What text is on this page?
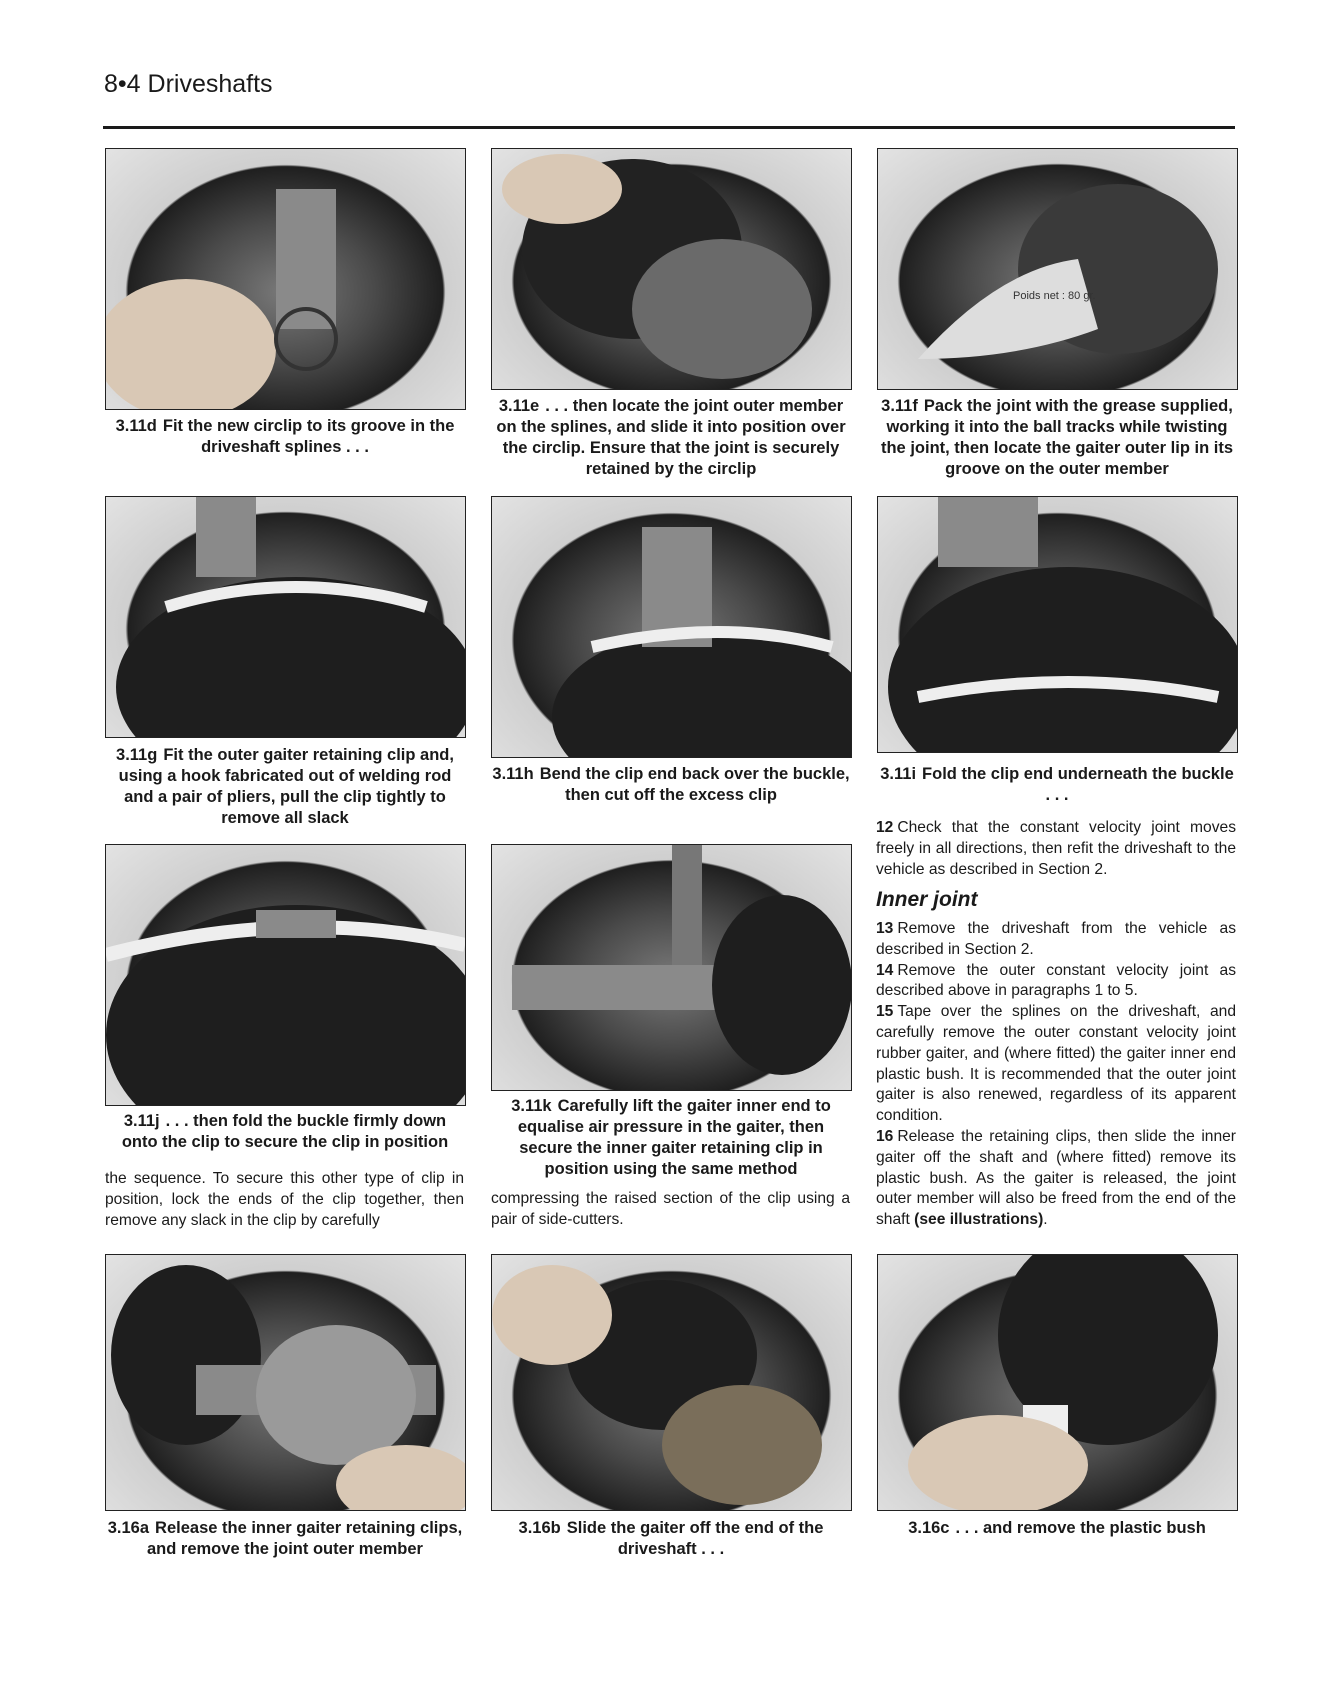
8•4 Driveshafts
Poids net : 80 gr.
3.11d Fit the new circlip to its groove in the driveshaft splines . . .
3.11e . . . then locate the joint outer member on the splines, and slide it into position over the circlip. Ensure that the joint is securely retained by the circlip
3.11f Pack the joint with the grease supplied, working it into the ball tracks while twisting the joint, then locate the gaiter outer lip in its groove on the outer member
3.11g Fit the outer gaiter retaining clip and, using a hook fabricated out of welding rod and a pair of pliers, pull the clip tightly to remove all slack
3.11h Bend the clip end back over the buckle, then cut off the excess clip
3.11i Fold the clip end underneath the buckle . . .
3.11j . . . then fold the buckle firmly down onto the clip to secure the clip in position
3.11k Carefully lift the gaiter inner end to equalise air pressure in the gaiter, then secure the inner gaiter retaining clip in position using the same method

the sequence. To secure this other type of clip in position, lock the ends of the clip together, then remove any slack in the clip by carefully

compressing the raised section of the clip using a pair of side-cutters.

12 Check that the constant velocity joint moves freely in all directions, then refit the driveshaft to the vehicle as described in Section 2.

Inner joint

13 Remove the driveshaft from the vehicle as described in Section 2.

14 Remove the outer constant velocity joint as described above in paragraphs 1 to 5.

15 Tape over the splines on the driveshaft, and carefully remove the outer constant velocity joint rubber gaiter, and (where fitted) the gaiter inner end plastic bush. It is recommended that the outer joint gaiter is also renewed, regardless of its apparent condition.

16 Release the retaining clips, then slide the inner gaiter off the shaft and (where fitted) remove its plastic bush. As the gaiter is released, the joint outer member will also be freed from the end of the shaft (see illustrations).

3.16a Release the inner gaiter retaining clips, and remove the joint outer member
3.16b Slide the gaiter off the end of the driveshaft . . .
3.16c . . . and remove the plastic bush
